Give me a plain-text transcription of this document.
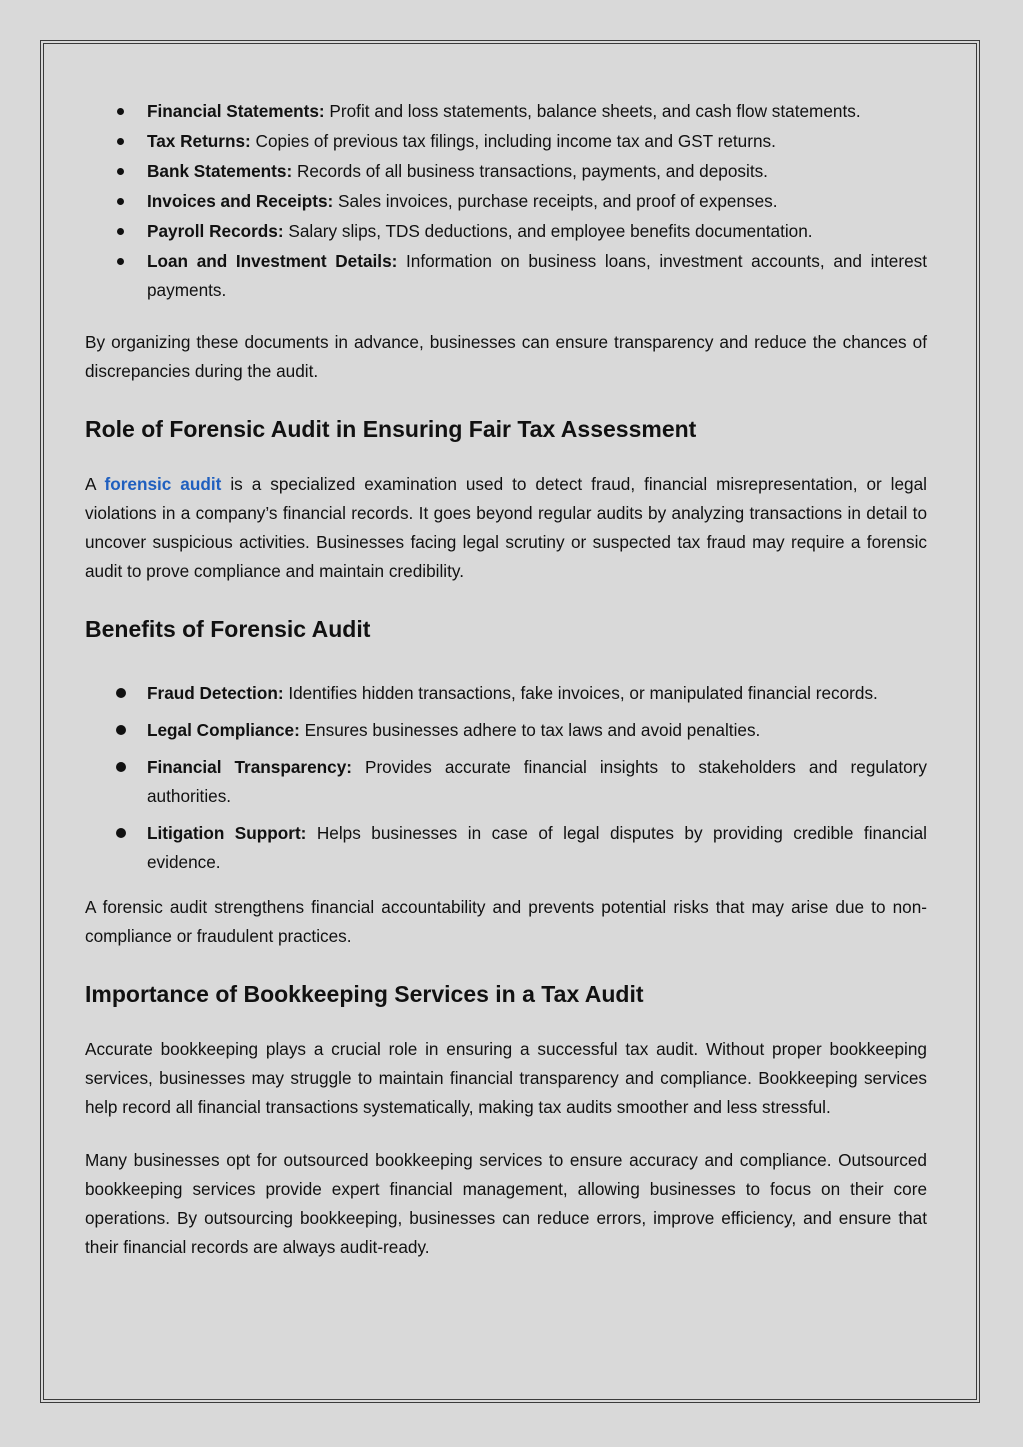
Financial Statements: Profit and loss statements, balance sheets, and cash flow statements.
Tax Returns: Copies of previous tax filings, including income tax and GST returns.
Bank Statements: Records of all business transactions, payments, and deposits.
Invoices and Receipts: Sales invoices, purchase receipts, and proof of expenses.
Payroll Records: Salary slips, TDS deductions, and employee benefits documentation.
Loan and Investment Details: Information on business loans, investment accounts, and interest payments.

By organizing these documents in advance, businesses can ensure transparency and reduce the chances of discrepancies during the audit.

Role of Forensic Audit in Ensuring Fair Tax Assessment

A forensic audit is a specialized examination used to detect fraud, financial misrepresentation, or legal violations in a company’s financial records. It goes beyond regular audits by analyzing transactions in detail to uncover suspicious activities. Businesses facing legal scrutiny or suspected tax fraud may require a forensic audit to prove compliance and maintain credibility.

Benefits of Forensic Audit
Fraud Detection: Identifies hidden transactions, fake invoices, or manipulated financial records.
Legal Compliance: Ensures businesses adhere to tax laws and avoid penalties.
Financial Transparency: Provides accurate financial insights to stakeholders and regulatory authorities.
Litigation Support: Helps businesses in case of legal disputes by providing credible financial evidence.

A forensic audit strengthens financial accountability and prevents potential risks that may arise due to non-compliance or fraudulent practices.

Importance of Bookkeeping Services in a Tax Audit

Accurate bookkeeping plays a crucial role in ensuring a successful tax audit. Without proper bookkeeping services, businesses may struggle to maintain financial transparency and compliance. Bookkeeping services help record all financial transactions systematically, making tax audits smoother and less stressful.

Many businesses opt for outsourced bookkeeping services to ensure accuracy and compliance. Outsourced bookkeeping services provide expert financial management, allowing businesses to focus on their core operations. By outsourcing bookkeeping, businesses can reduce errors, improve efficiency, and ensure that their financial records are always audit-ready.
